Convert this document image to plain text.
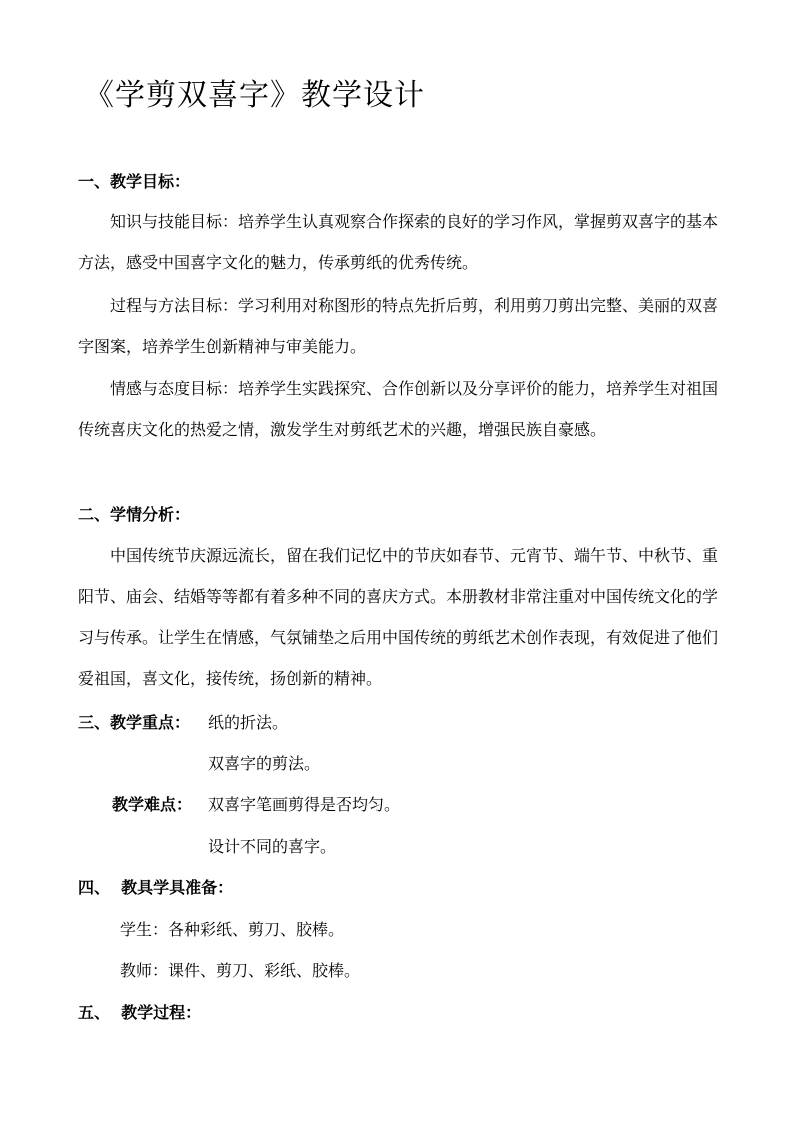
《学剪双喜字》教学设计
一、教学目标：
知识与技能目标：培养学生认真观察合作探索的良好的学习作风，掌握剪双喜字的基本方法，感受中国喜字文化的魅力，传承剪纸的优秀传统。
过程与方法目标：学习利用对称图形的特点先折后剪，利用剪刀剪出完整、美丽的双喜字图案，培养学生创新精神与审美能力。
情感与态度目标：培养学生实践探究、合作创新以及分享评价的能力，培养学生对祖国传统喜庆文化的热爱之情，激发学生对剪纸艺术的兴趣，增强民族自豪感。
二、学情分析：
中国传统节庆源远流长，留在我们记忆中的节庆如春节、元宵节、端午节、中秋节、重阳节、庙会、结婚等等都有着多种不同的喜庆方式。本册教材非常注重对中国传统文化的学习与传承。让学生在情感，气氛铺垫之后用中国传统的剪纸艺术创作表现，有效促进了他们爱祖国，喜文化，接传统，扬创新的精神。
三、教学重点： 纸的折法。
双喜字的剪法。
教学难点： 双喜字笔画剪得是否均匀。
设计不同的喜字。
四、  教具学具准备：
学生：各种彩纸、剪刀、胶棒。
教师：课件、剪刀、彩纸、胶棒。
五、  教学过程：
